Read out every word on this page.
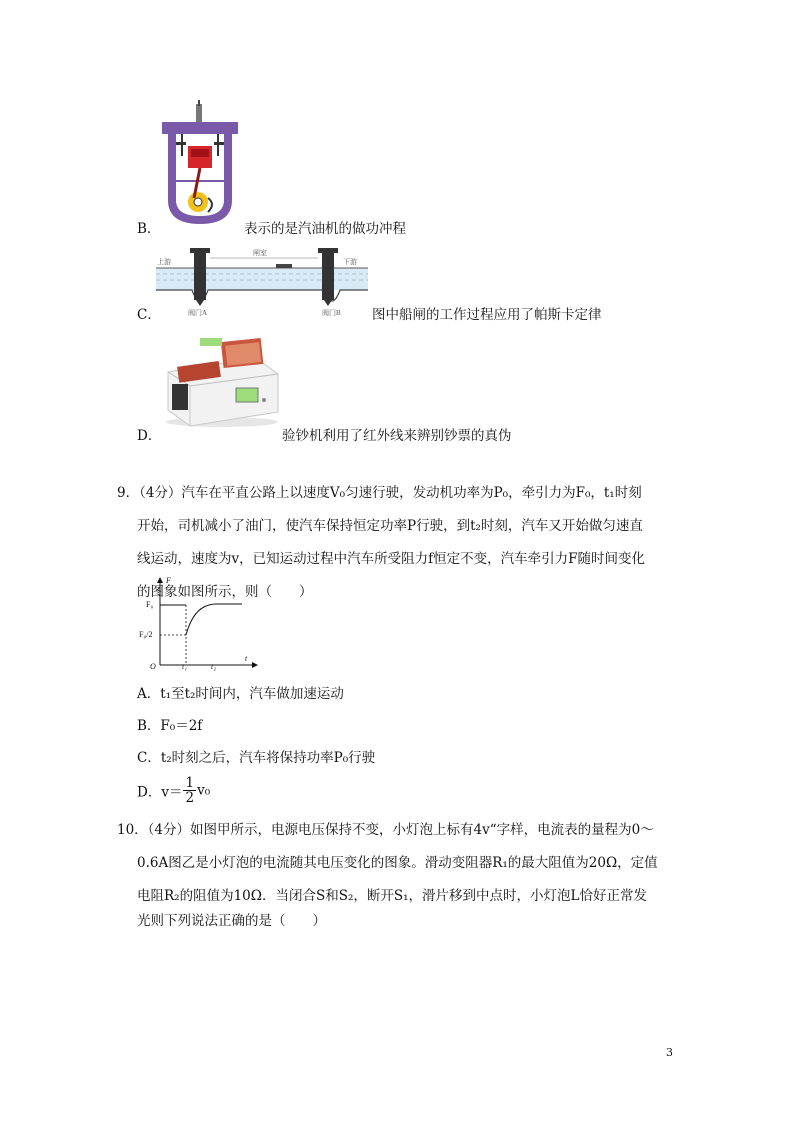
B．	表示的是汽油机的做功冲程
上游
闸室
下游
阀门A	阀门B
C．	图中船闸的工作过程应用了帕斯卡定律
D．	验钞机利用了红外线来辨别钞票的真伪
9．（4分）汽车在平直公路上以速度V₀匀速行驶，发动机功率为P₀，牵引力为F₀，t₁时刻
开始，司机减小了油门，使汽车保持恒定功率P行驶，到t₂时刻，汽车又开始做匀速直
线运动，速度为v，已知运动过程中汽车所受阻力f恒定不变，汽车牵引力F随时间变化
的图象如图所示，则（　　）
F
t
O
F₀
F₀/2
t₁	t₂
A．t₁至t₂时间内，汽车做加速运动
B．F₀＝2f
C．t₂时刻之后，汽车将保持功率P₀行驶
D．$v= \frac{1}{2} v_0$
10．（4分）如图甲所示，电源电压保持不变，小灯泡上标有4v“字样，电流表的量程为0～
0.6A图乙是小灯泡的电流随其电压变化的图象。滑动变阻器R₁的最大阻值为20Ω，定值
电阻R₂的阻值为10Ω．当闭合S和S₂，断开S₁，滑片移到中点时，小灯泡L恰好正常发
光则下列说法正确的是（　　）
3
